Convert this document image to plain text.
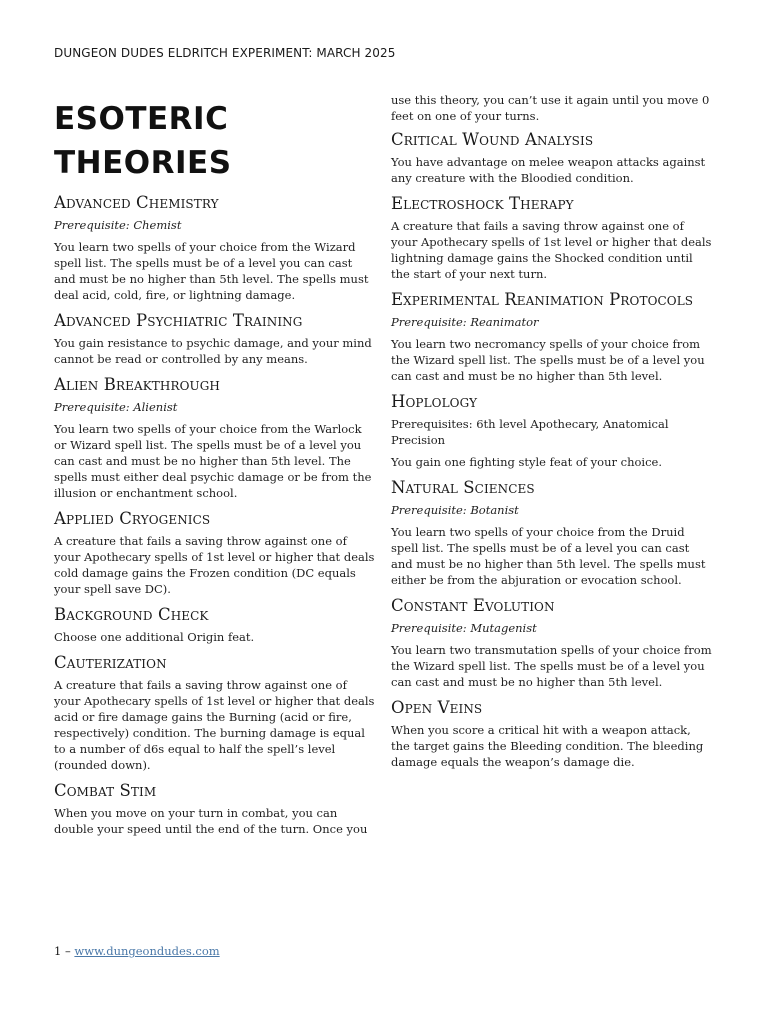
DUNGEON DUDES ELDRITCH EXPERIMENT: MARCH 2025
ESOTERIC THEORIES
Advanced Chemistry
Prerequisite: Chemist

You learn two spells of your choice from the Wizard spell list. The spells must be of a level you can cast and must be no higher than 5th level. The spells must deal acid, cold, fire, or lightning damage.

Advanced Psychiatric Training

You gain resistance to psychic damage, and your mind cannot be read or controlled by any means.

Alien Breakthrough
Prerequisite: Alienist

You learn two spells of your choice from the Warlock or Wizard spell list. The spells must be of a level you can cast and must be no higher than 5th level. The spells must either deal psychic damage or be from the illusion or enchantment school.

Applied Cryogenics

A creature that fails a saving throw against one of your Apothecary spells of 1st level or higher that deals cold damage gains the Frozen condition (DC equals your spell save DC).

Background Check

Choose one additional Origin feat.

Cauterization

A creature that fails a saving throw against one of your Apothecary spells of 1st level or higher that deals acid or fire damage gains the Burning (acid or fire, respectively) condition. The burning damage is equal to a number of d6s equal to half the spell’s level (rounded down).

Combat Stim

When you move on your turn in combat, you can double your speed until the end of the turn. Once you

use this theory, you can’t use it again until you move 0 feet on one of your turns.

Critical Wound Analysis

You have advantage on melee weapon attacks against any creature with the Bloodied condition.

Electroshock Therapy

A creature that fails a saving throw against one of your Apothecary spells of 1st level or higher that deals lightning damage gains the Shocked condition until the start of your next turn.

Experimental Reanimation Protocols
Prerequisite: Reanimator

You learn two necromancy spells of your choice from the Wizard spell list. The spells must be of a level you can cast and must be no higher than 5th level.

Hoplology

Prerequisites: 6th level Apothecary, Anatomical Precision

You gain one fighting style feat of your choice.

Natural Sciences
Prerequisite: Botanist

You learn two spells of your choice from the Druid spell list. The spells must be of a level you can cast and must be no higher than 5th level. The spells must either be from the abjuration or evocation school.

Constant Evolution
Prerequisite: Mutagenist

You learn two transmutation spells of your choice from the Wizard spell list. The spells must be of a level you can cast and must be no higher than 5th level.

Open Veins

When you score a critical hit with a weapon attack, the target gains the Bleeding condition. The bleeding damage equals the weapon’s damage die.

1 – www.dungeondudes.com
